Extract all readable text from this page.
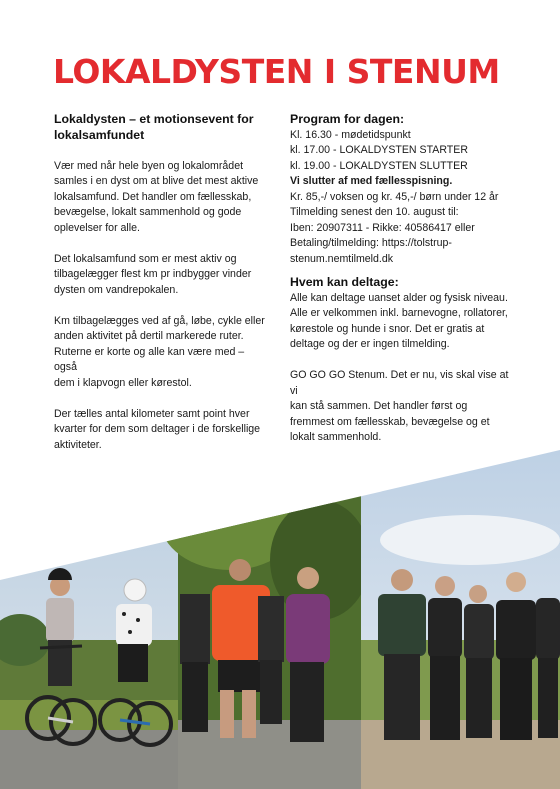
LOKALDYSTEN I STENUM

Lokaldysten – et motionsevent for

lokalsamfundet

Vær med når hele byen og lokalområdet

samles i en dyst om at blive det mest aktive

lokalsamfund. Det handler om fællesskab,

bevægelse, lokalt sammenhold og gode

oplevelser for alle.

Det lokalsamfund som er mest aktiv og

tilbagelægger flest km pr indbygger vinder

dysten om vandrepokalen.

Km tilbagelægges ved af gå, løbe, cykle eller

anden aktivitet på dertil markerede ruter.

Ruterne er korte og alle kan være med – også

dem i klapvogn eller kørestol.

Der tælles antal kilometer samt point hver

kvarter for dem som deltager i de forskellige

aktiviteter.

Program for dagen:

Kl. 16.30 - mødetidspunkt

kl. 17.00 - LOKALDYSTEN STARTER

kl. 19.00 - LOKALDYSTEN SLUTTER

Vi slutter af med fællesspisning.

Kr. 85,-/ voksen og kr. 45,-/ børn under 12 år

Tilmelding senest den 10. august til:

Iben: 20907311 - Rikke: 40586417 eller

Betaling/tilmelding: https://tolstrup-

stenum.nemtilmeld.dk

Hvem kan deltage:

Alle kan deltage uanset alder og fysisk niveau.

Alle er velkommen inkl. barnevogne, rollatorer,

kørestole og hunde i snor. Det er gratis at

deltage og der er ingen tilmelding.

GO GO GO Stenum. Det er nu, vis skal vise at vi

kan stå sammen. Det handler først og

fremmest om fællesskab, bevægelse og et

lokalt sammenhold.
